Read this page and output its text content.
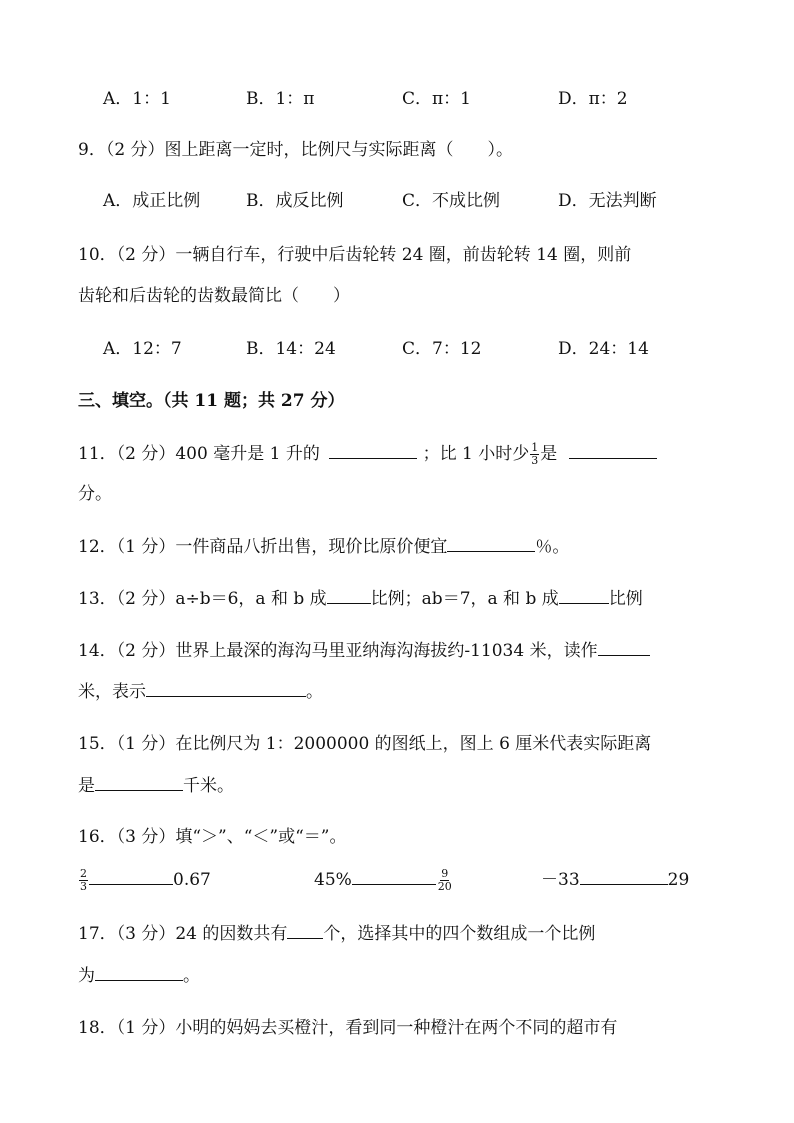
A．1：1	B．1：π	C．π：1	D．π：2
9．（2 分）图上距离一定时，比例尺与实际距离（　　）。
A．成正比例	B．成反比例	C．不成比例	D．无法判断
10．（2 分）一辆自行车，行驶中后齿轮转 24 圈，前齿轮转 14 圈，则前
齿轮和后齿轮的齿数最简比（　　）
A．12：7	B．14：24	C．7：12	D．24：14
三、填空。（共 11 题；共 27 分）
11．（2 分）400 毫升是 1 升的	；比 1 小时少 $\frac{1}{3}$ 是
分。
12．（1 分）一件商品八折出售，现价比原价便宜	％。
13．（2 分）a÷b＝6，a 和 b 成	比例；ab＝7，a 和 b 成	比例
14．（2 分）世界上最深的海沟马里亚纳海沟海拔约-11034 米，读作
米，表示	。
15．（1 分）在比例尺为 1：2000000 的图纸上，图上 6 厘米代表实际距离
是	千米。
16．（3 分）填“＞”、“＜”或“＝”。
$\frac{2}{3}$	0.67	45%	$\frac{9}{20}$	－33	29
17．（3 分）24 的因数共有 个，选择其中的四个数组成一个比例
为	。
18．（1 分）小明的妈妈去买橙汁，看到同一种橙汁在两个不同的超市有
